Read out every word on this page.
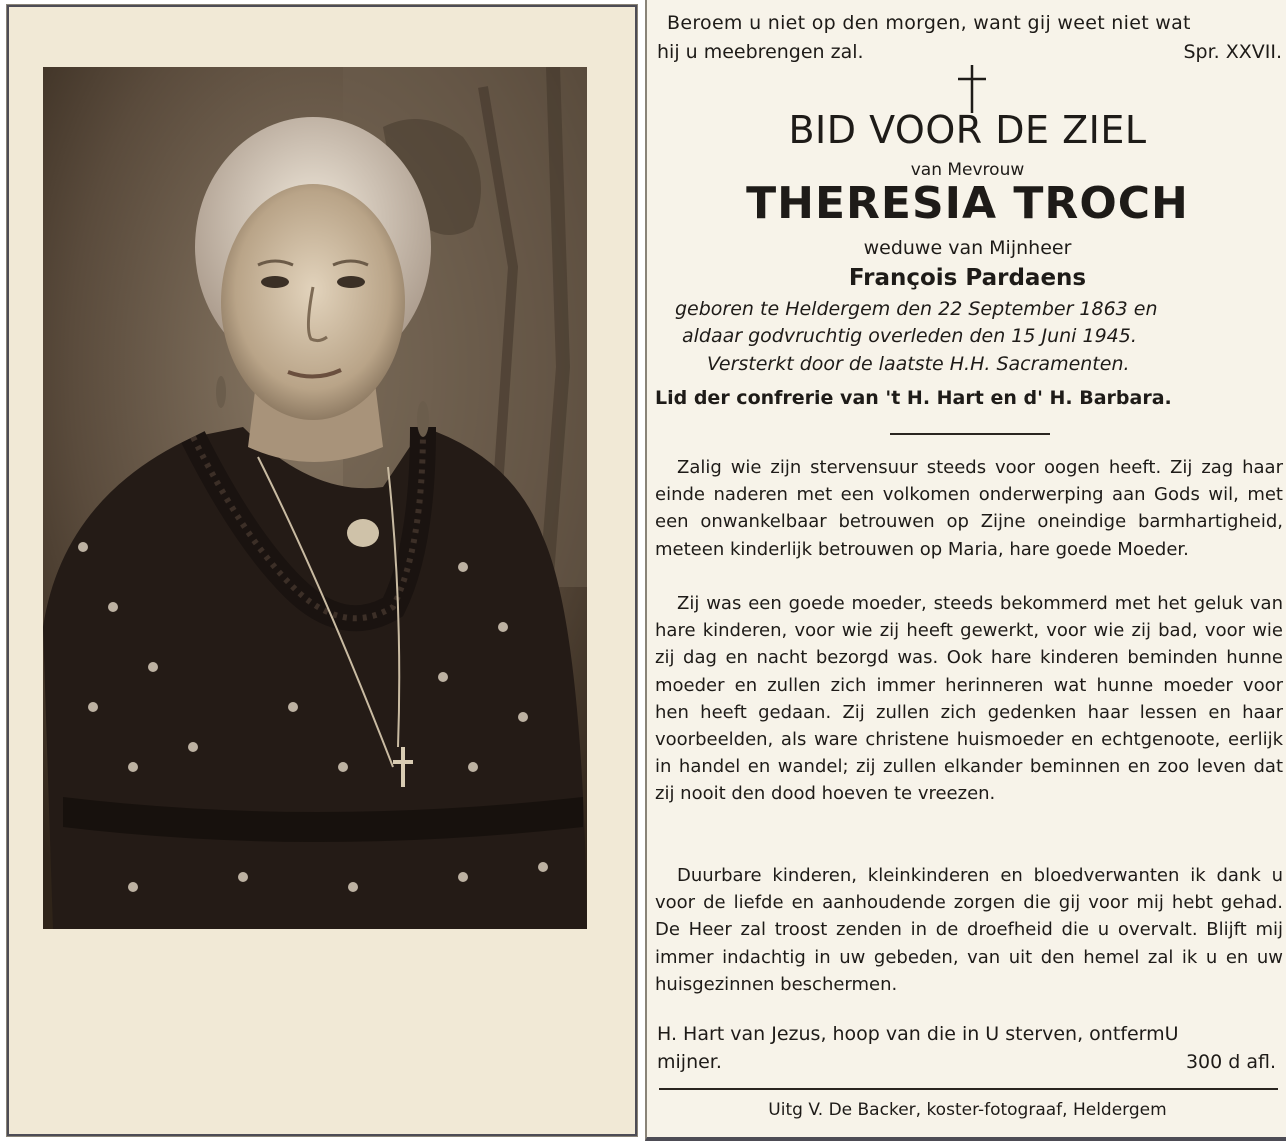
Beroem u niet op den morgen, want gij weet niet wat
hij u meebrengen zal.	Spr. XXVII.
BID VOOR DE ZIEL
van Mevrouw
THERESIA TROCH
weduwe van Mijnheer
François Pardaens
geboren te Heldergem den 22 September 1863 en
aldaar godvruchtig overleden den 15 Juni 1945.
Versterkt door de laatste H.H. Sacramenten.
Lid der confrerie van 't H. Hart en d' H. Barbara.

Zalig wie zijn stervensuur steeds voor oogen heeft. Zij zag haar einde naderen met een volkomen onderwerping aan Gods wil, met een onwankelbaar betrouwen op Zijne oneindige barmhartigheid, meteen kinderlijk betrouwen op Maria, hare goede Moeder.

Zij was een goede moeder, steeds bekommerd met het geluk van hare kinderen, voor wie zij heeft gewerkt, voor wie zij bad, voor wie zij dag en nacht bezorgd was. Ook hare kinderen beminden hunne moeder en zullen zich immer herinneren wat hunne moeder voor hen heeft gedaan. Zij zullen zich gedenken haar lessen en haar voorbeelden, als ware christene huismoeder en echtgenoote, eerlijk in handel en wandel; zij zullen elkander beminnen en zoo leven dat zij nooit den dood hoeven te vreezen.

Duurbare kinderen, kleinkinderen en bloedverwanten ik dank u voor de liefde en aanhoudende zorgen die gij voor mij hebt gehad. De Heer zal troost zenden in de droefheid die u overvalt. Blijft mij immer indachtig in uw gebeden, van uit den hemel zal ik u en uw huisgezinnen beschermen.

H. Hart van Jezus, hoop van die in U sterven, ontfermU
mijner.	300 d afl.
Uitg V. De Backer, koster-fotograaf, Heldergem
